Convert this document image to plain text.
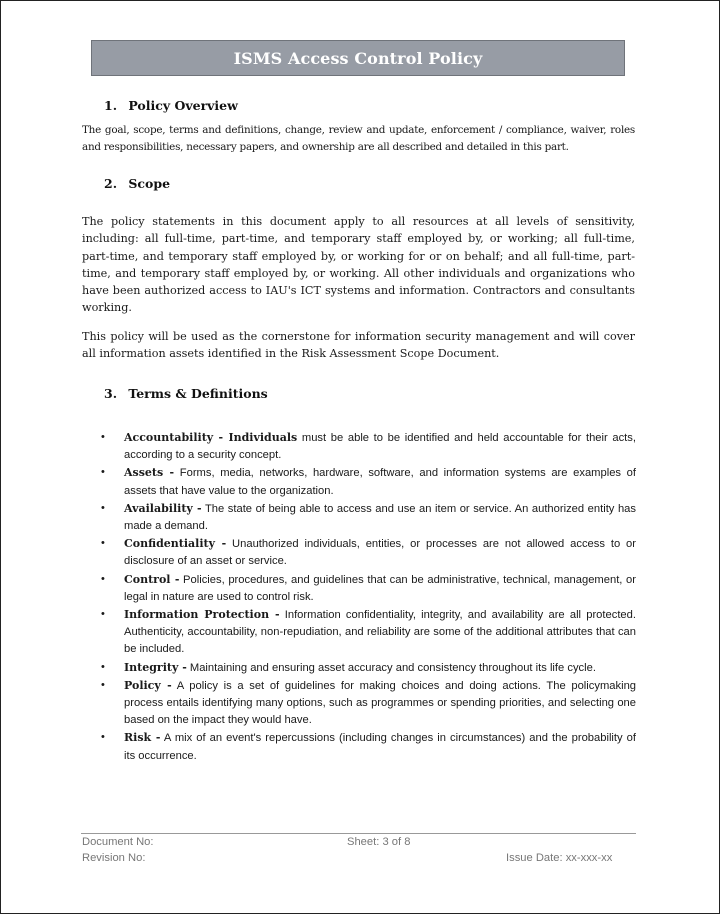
ISMS Access Control Policy
1. Policy Overview

The goal, scope, terms and definitions, change, review and update, enforcement / compliance, waiver, roles and responsibilities, necessary papers, and ownership are all described and detailed in this part.

2. Scope

The policy statements in this document apply to all resources at all levels of sensitivity, including: all full-time, part-time, and temporary staff employed by, or working; all full-time, part-time, and temporary staff employed by, or working for or on behalf; and all full-time, part-time, and temporary staff employed by, or working. All other individuals and organizations who have been authorized access to IAU's ICT systems and information. Contractors and consultants working.

This policy will be used as the cornerstone for information security management and will cover all information assets identified in the Risk Assessment Scope Document.

3. Terms & Definitions
• Accountability - Individuals must be able to be identified and held accountable for their acts, according to a security concept.
• Assets - Forms, media, networks, hardware, software, and information systems are examples of assets that have value to the organization.
• Availability - The state of being able to access and use an item or service. An authorized entity has made a demand.
• Confidentiality - Unauthorized individuals, entities, or processes are not allowed access to or disclosure of an asset or service.
• Control - Policies, procedures, and guidelines that can be administrative, technical, management, or legal in nature are used to control risk.
• Information Protection - Information confidentiality, integrity, and availability are all protected. Authenticity, accountability, non-repudiation, and reliability are some of the additional attributes that can be included.
• Integrity - Maintaining and ensuring asset accuracy and consistency throughout its life cycle.
• Policy - A policy is a set of guidelines for making choices and doing actions. The policymaking process entails identifying many options, such as programmes or spending priorities, and selecting one based on the impact they would have.
• Risk - A mix of an event's repercussions (including changes in circumstances) and the probability of its occurrence.
Document No:	Sheet: 3 of 8
Revision No:	Issue Date: xx-xxx-xx
